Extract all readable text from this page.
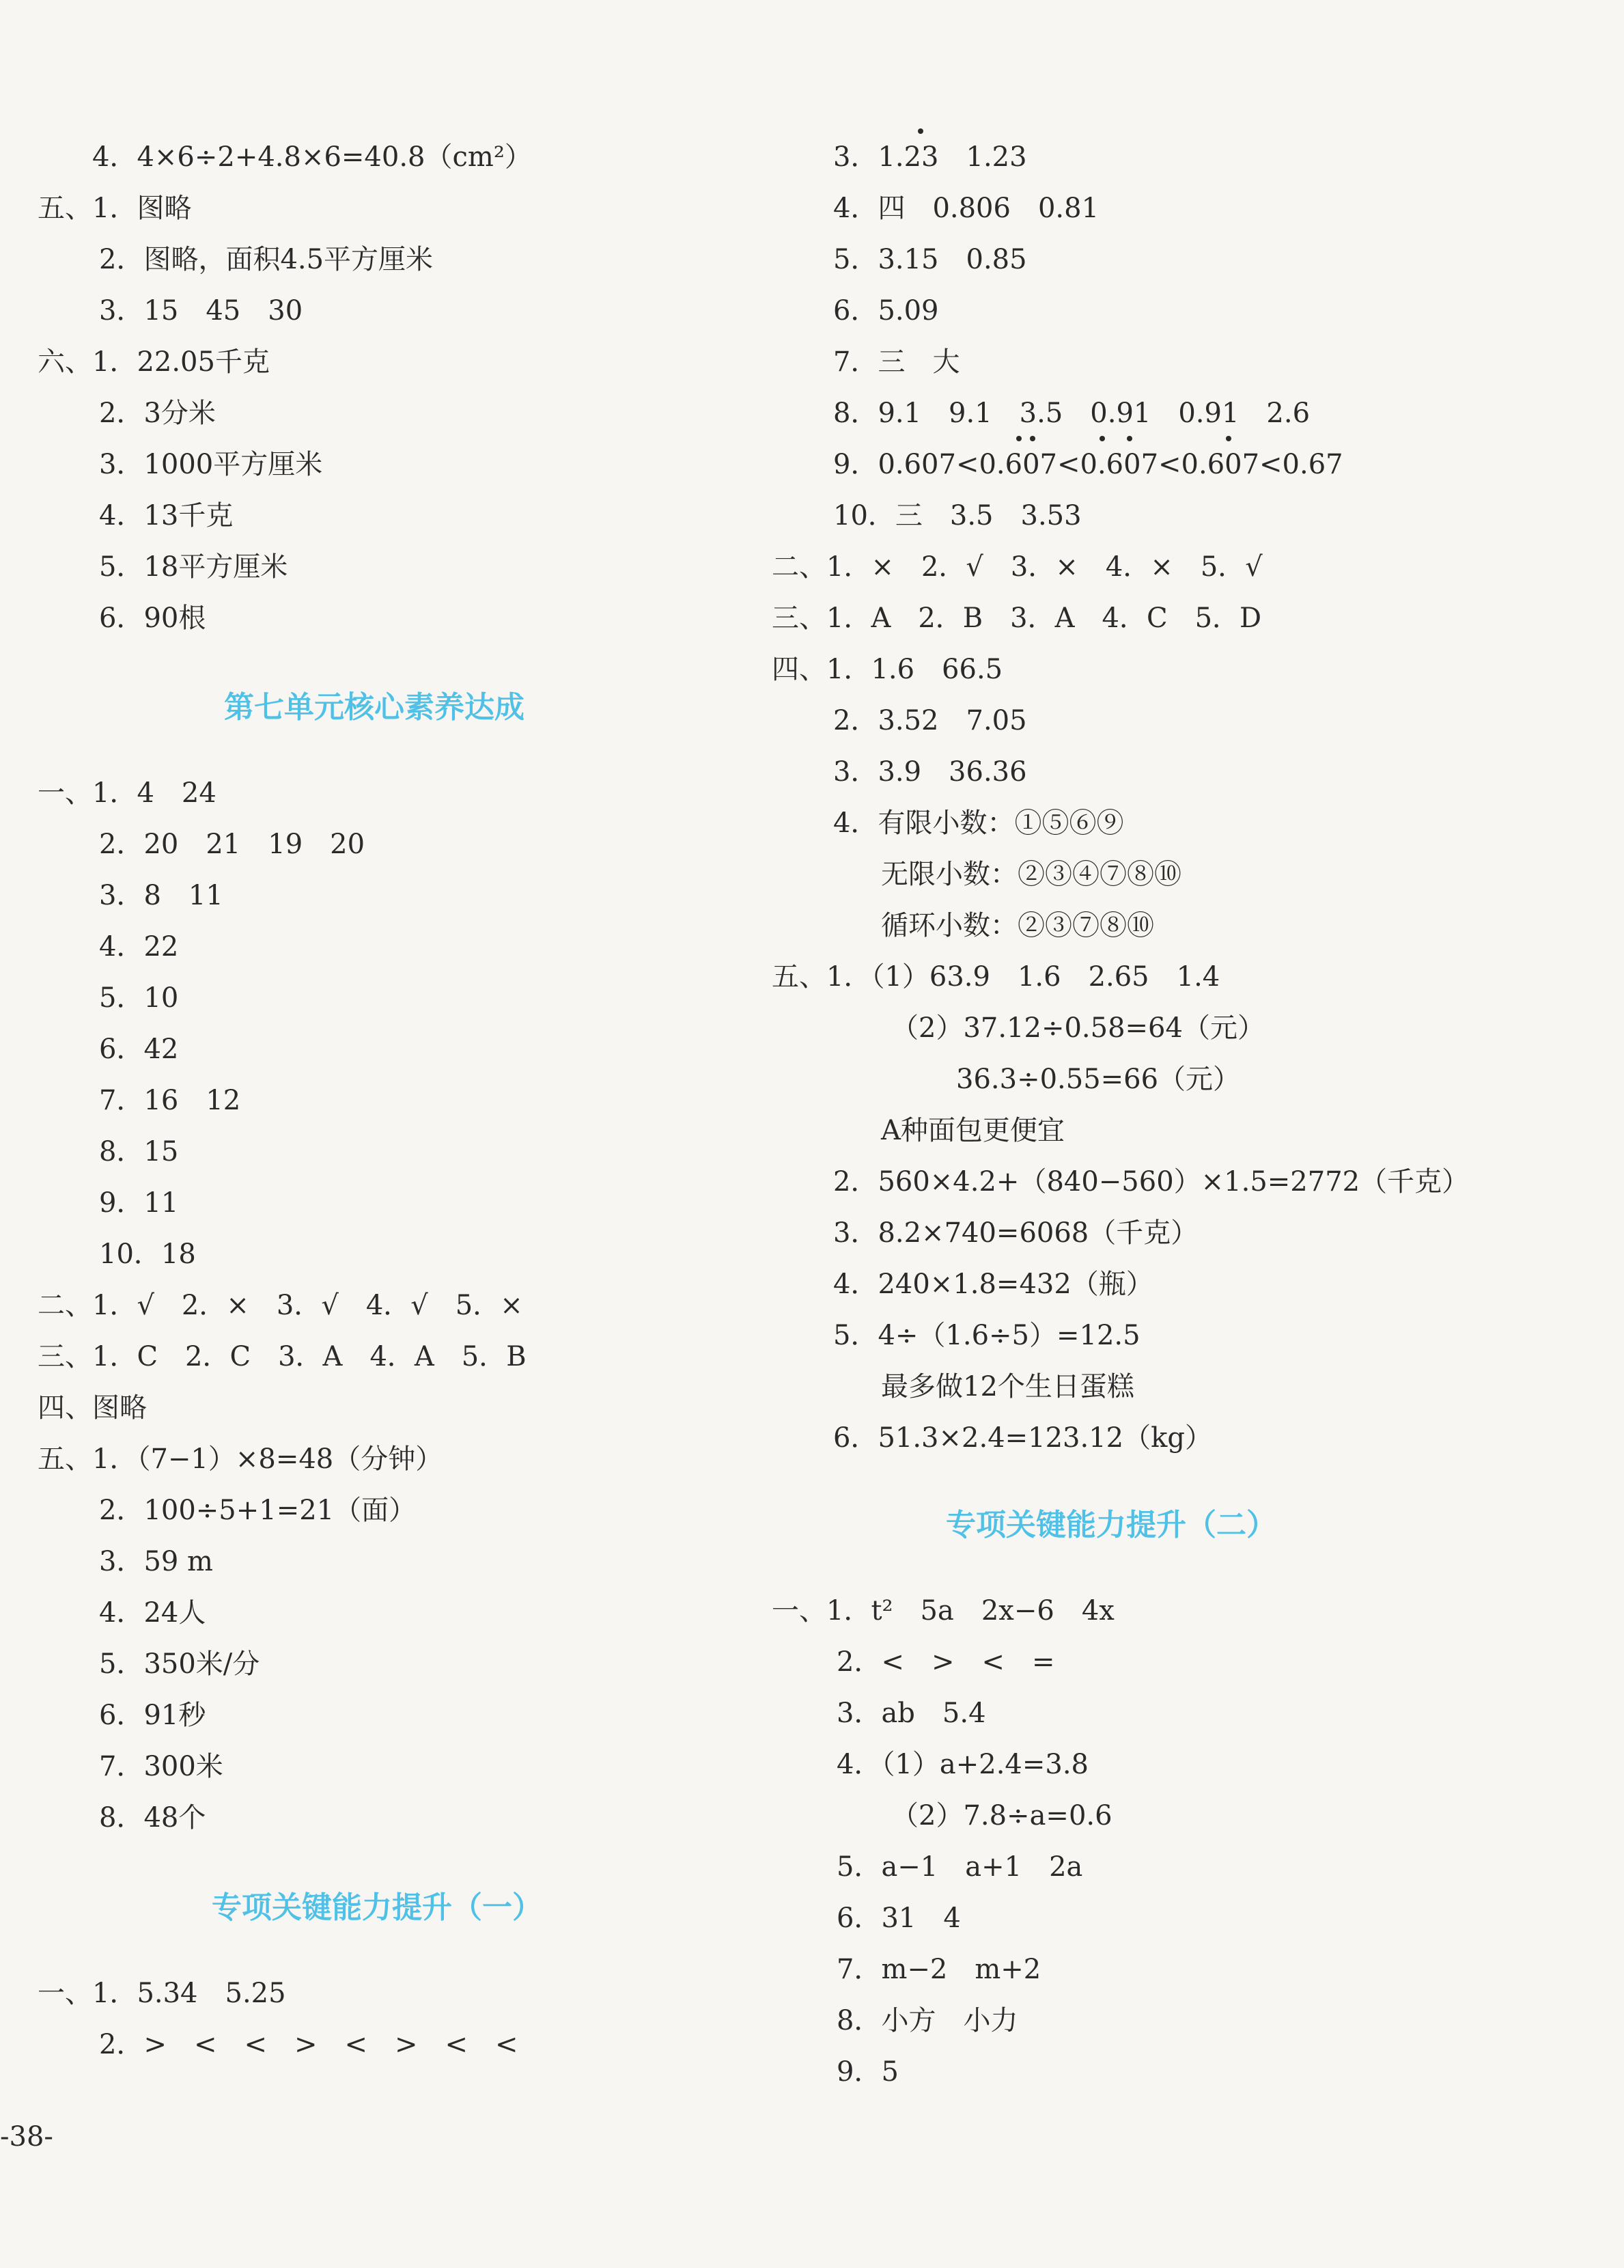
4．4×6÷2+4.8×6=40.8（cm²）
五、1．图略
2．图略，面积4.5平方厘米
3．15　45　30
六、1．22.05千克
2．3分米
3．1000平方厘米
4．13千克
5．18平方厘米
6．90根
第七单元核心素养达成
一、1．4　24
2．20　21　19　20
3．8　11
4．22
5．10
6．42
7．16　12
8．15
9．11
10．18
二、1．√　2．×　3．√　4．√　5．×
三、1．C　2．C　3．A　4．A　5．B
四、图略
五、1．（7−1）×8=48（分钟）
2．100÷5+1=21（面）
3．59 m
4．24人
5．350米/分
6．91秒
7．300米
8．48个
专项关键能力提升（一）
一、1．5.34　5.25
2．>　<　<　>　<　>　<　<
3．1.23　1.23
4．四　0.806　0.81
5．3.15　0.85
6．5.09
7．三　大
8．9.1　9.1　3.5　0.91　0.91　2.6
9．0.607<0.607<0.607<0.607<0.67
10．三　3.5　3.53
二、1．×　2．√　3．×　4．×　5．√
三、1．A　2．B　3．A　4．C　5．D
四、1．1.6　66.5
2．3.52　7.05
3．3.9　36.36
4．有限小数：①⑤⑥⑨
无限小数：②③④⑦⑧⑩
循环小数：②③⑦⑧⑩
五、1．（1）63.9　1.6　2.65　1.4
（2）37.12÷0.58=64（元）
36.3÷0.55=66（元）
A种面包更便宜
2．560×4.2+（840−560）×1.5=2772（千克）
3．8.2×740=6068（千克）
4．240×1.8=432（瓶）
5．4÷（1.6÷5）=12.5
最多做12个生日蛋糕
6．51.3×2.4=123.12（kg）
专项关键能力提升（二）
一、1．t²　5a　2x−6　4x
2．<　>　<　=
3．ab　5.4
4．（1）a+2.4=3.8
（2）7.8÷a=0.6
5．a−1　a+1　2a
6．31　4
7．m−2　m+2
8．小方　小力
9．5
-38-
